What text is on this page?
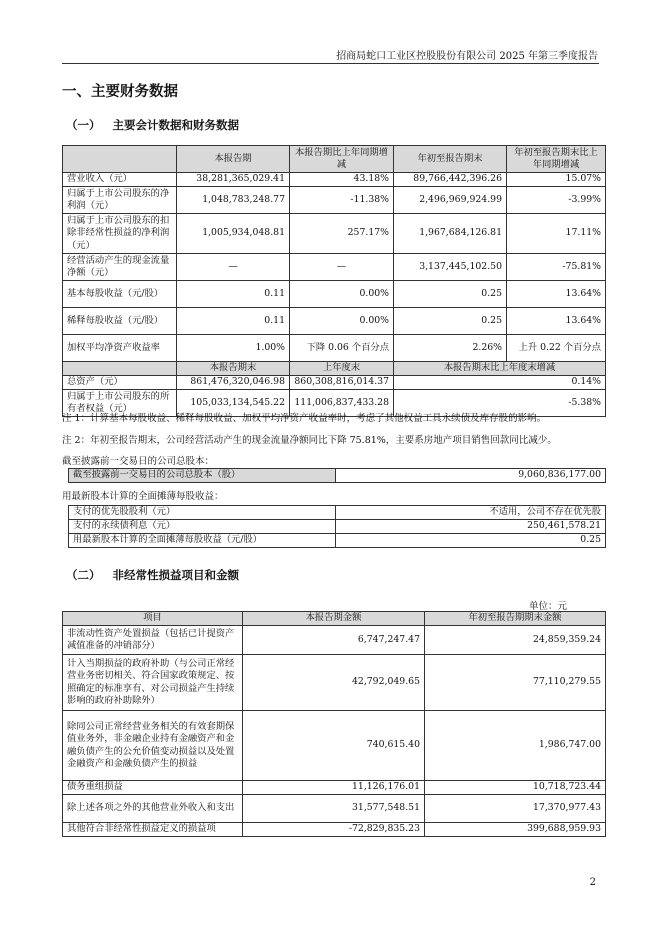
招商局蛇口工业区控股股份有限公司 2025 年第三季度报告
一、主要财务数据
（一） 主要会计数据和财务数据
	本报告期	本报告期比上年同期增减	年初至报告期末	年初至报告期末比上年同期增减
营业收入（元）	38,281,365,029.41	43.18%	89,766,442,396.26	15.07%
归属于上市公司股东的净利润（元）	1,048,783,248.77	-11.38%	2,496,969,924.99	-3.99%
归属于上市公司股东的扣除非经常性损益的净利润（元）	1,005,934,048.81	257.17%	1,967,684,126.81	17.11%
经营活动产生的现金流量净额（元）	—	—	3,137,445,102.50	-75.81%
基本每股收益（元/股）	0.11	0.00%	0.25	13.64%
稀释每股收益（元/股）	0.11	0.00%	0.25	13.64%
加权平均净资产收益率	1.00%	下降 0.06 个百分点	2.26%	上升 0.22 个百分点
	本报告期末	上年度末	本报告期末比上年度末增减	
总资产（元）	861,476,320,046.98	860,308,816,014.37	0.14%	
归属于上市公司股东的所有者权益（元）	105,033,134,545.22	111,006,837,433.28	-5.38%	
注 1：计算基本每股收益、稀释每股收益、加权平均净资产收益率时，考虑了其他权益工具永续债及库存股的影响。
注 2：年初至报告期末，公司经营活动产生的现金流量净额同比下降 75.81%，主要系房地产项目销售回款同比减少。
截至披露前一交易日的公司总股本：
截至披露前一交易日的公司总股本（股）	9,060,836,177.00
用最新股本计算的全面摊薄每股收益：
支付的优先股股利（元）	不适用，公司不存在优先股
支付的永续债利息（元）	250,461,578.21
用最新股本计算的全面摊薄每股收益（元/股）	0.25
（二） 非经常性损益项目和金额
单位：元
项目	本报告期金额	年初至报告期期末金额
非流动性资产处置损益（包括已计提资产减值准备的冲销部分）	6,747,247.47	24,859,359.24
计入当期损益的政府补助（与公司正常经营业务密切相关、符合国家政策规定、按照确定的标准享有、对公司损益产生持续影响的政府补助除外）	42,792,049.65	77,110,279.55
除同公司正常经营业务相关的有效套期保值业务外，非金融企业持有金融资产和金融负债产生的公允价值变动损益以及处置金融资产和金融负债产生的损益	740,615.40	1,986,747.00
债务重组损益	11,126,176.01	10,718,723.44
除上述各项之外的其他营业外收入和支出	31,577,548.51	17,370,977.43
其他符合非经常性损益定义的损益项	-72,829,835.23	399,688,959.93
2
